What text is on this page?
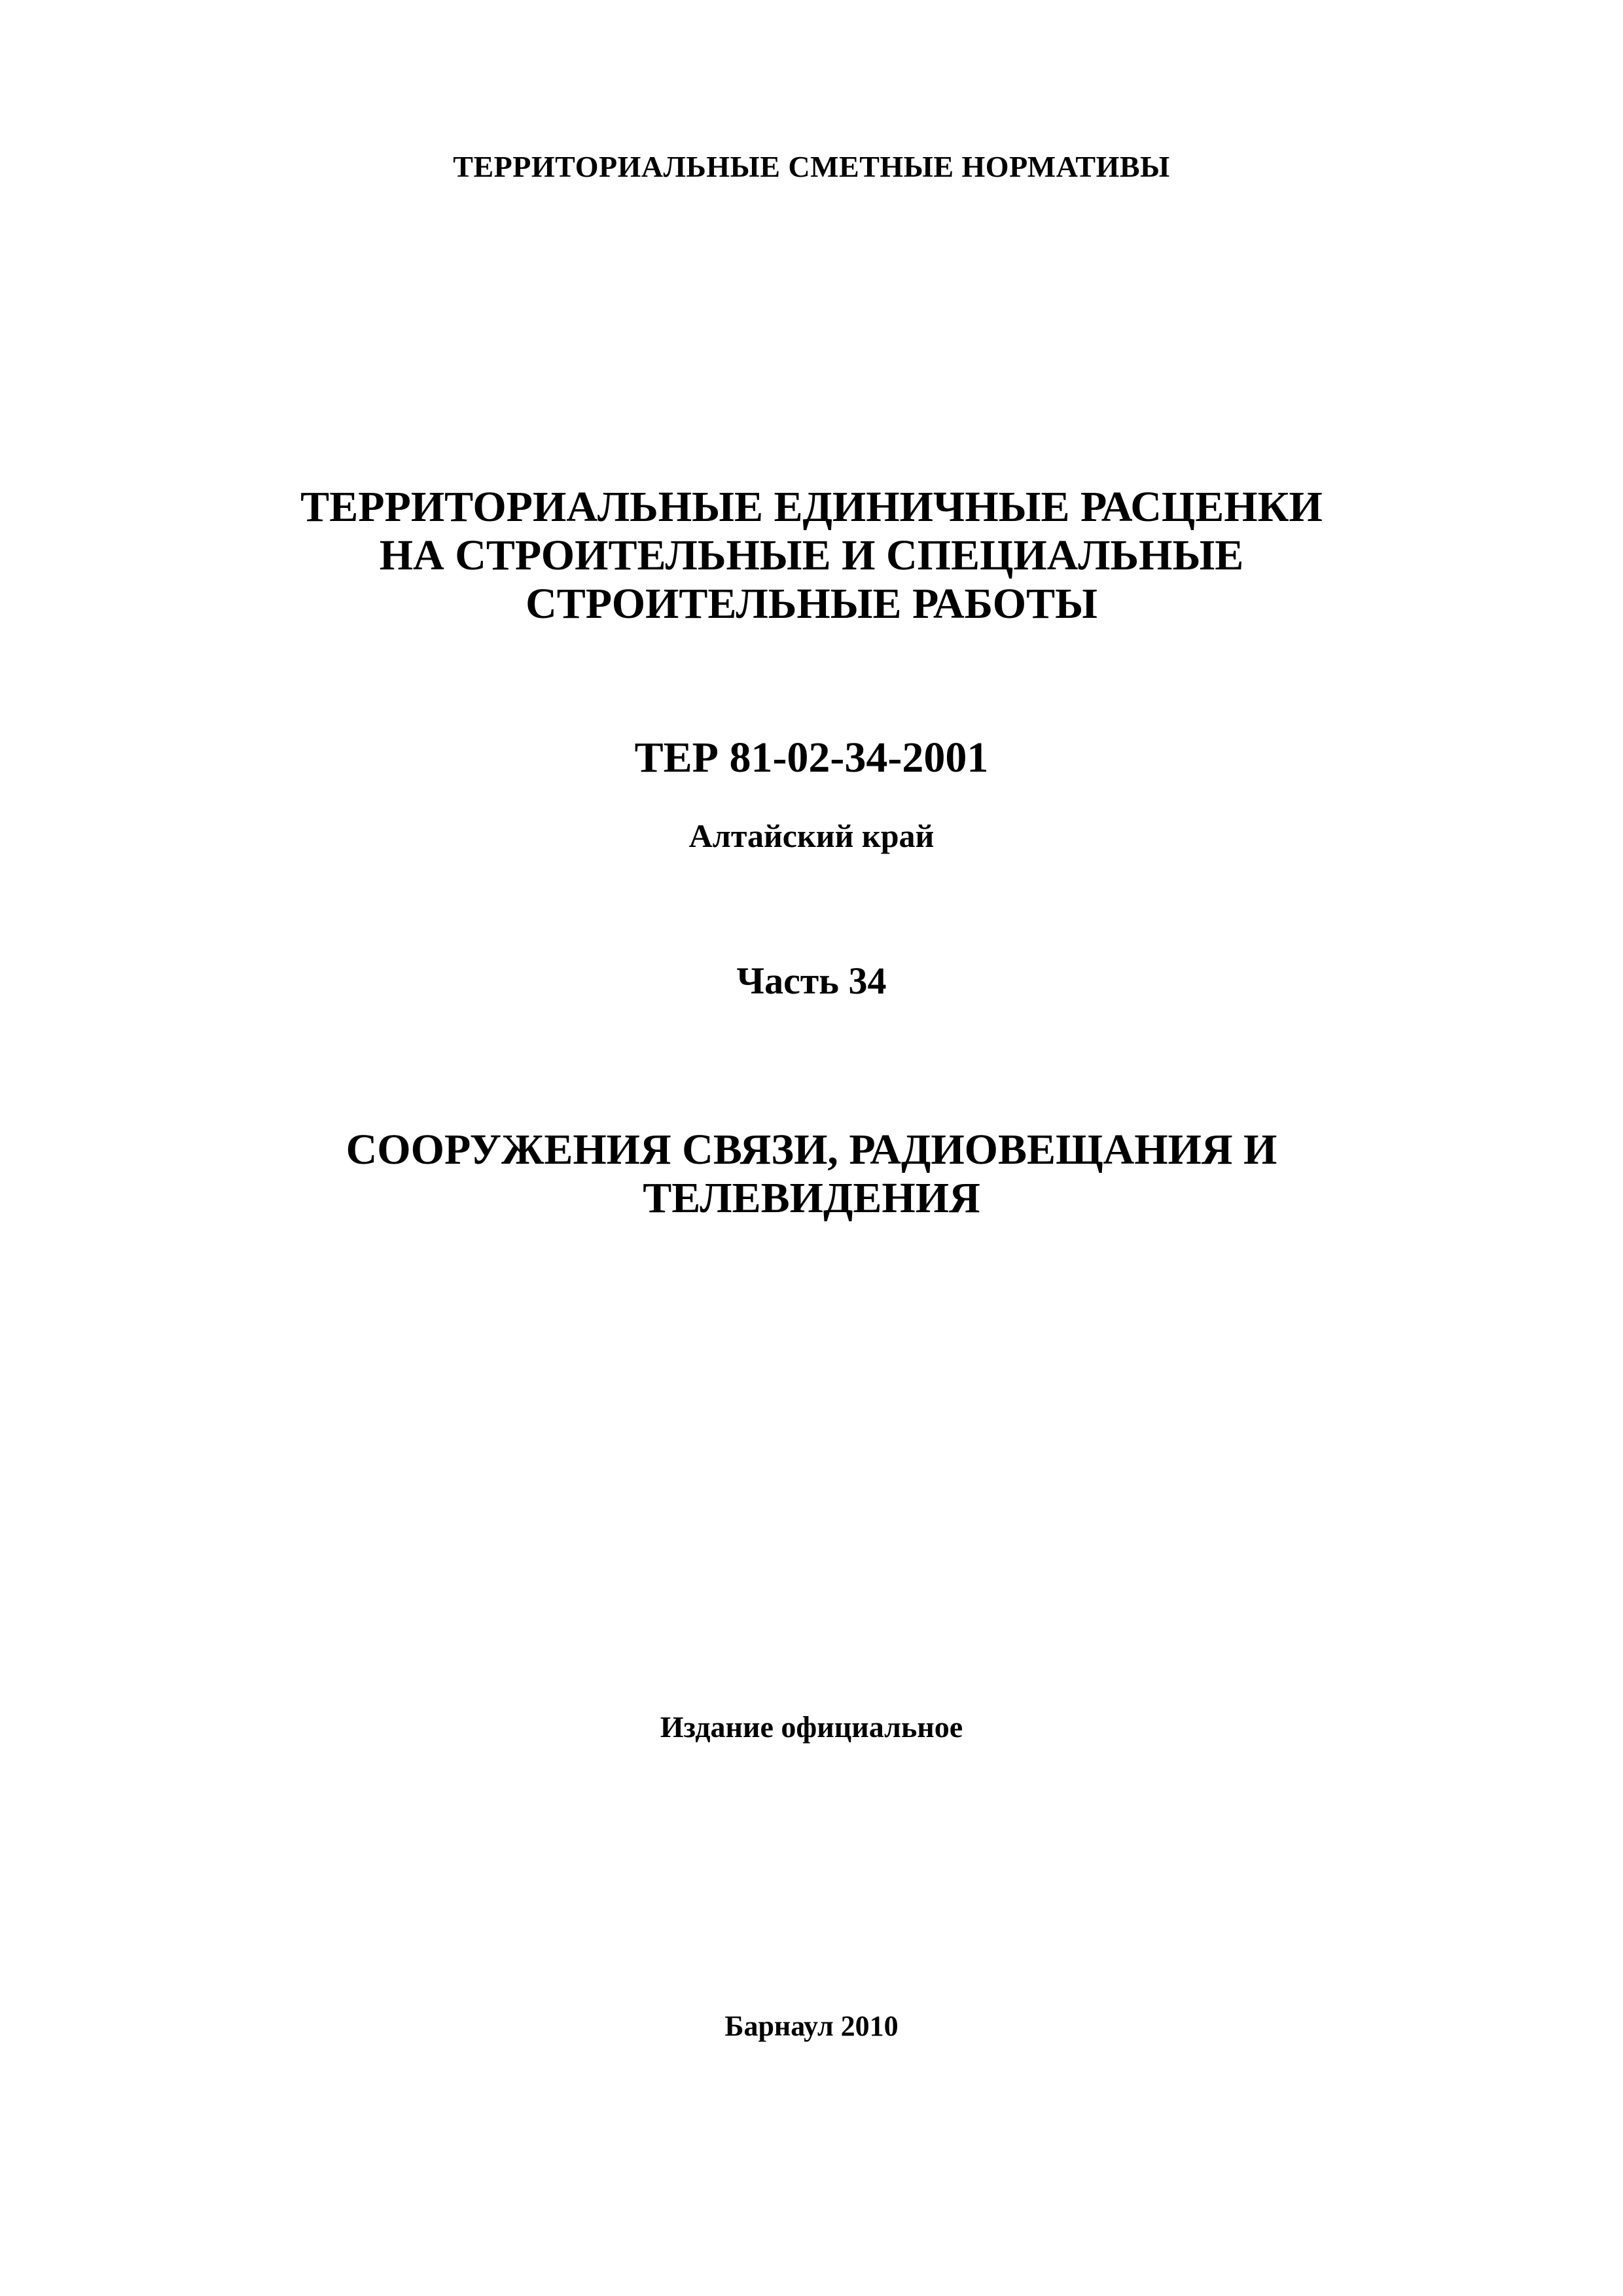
ТЕРРИТОРИАЛЬНЫЕ СМЕТНЫЕ НОРМАТИВЫ

ТЕРРИТОРИАЛЬНЫЕ ЕДИНИЧНЫЕ РАСЦЕНКИ
НА СТРОИТЕЛЬНЫЕ И СПЕЦИАЛЬНЫЕ
СТРОИТЕЛЬНЫЕ РАБОТЫ

ТЕР 81-02-34-2001

Алтайский край

Часть 34

СООРУЖЕНИЯ СВЯЗИ, РАДИОВЕЩАНИЯ И
ТЕЛЕВИДЕНИЯ

Издание официальное

Барнаул 2010
